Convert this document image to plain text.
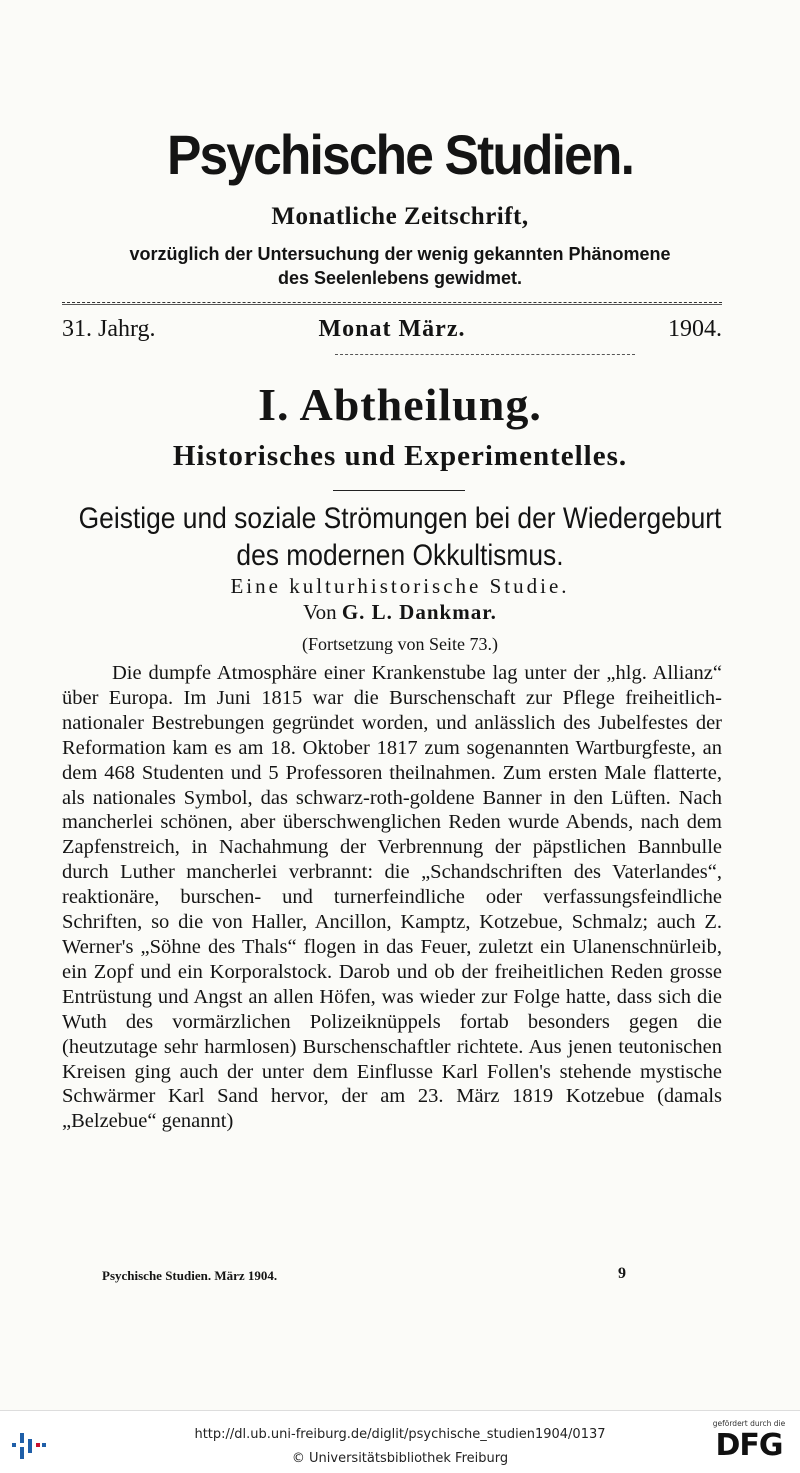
Psychische Studien.
Monatliche Zeitschrift,
vorzüglich der Untersuchung der wenig gekannten Phänomene
des Seelenlebens gewidmet.
31. Jahrg.	Monat März.	1904.
I. Abtheilung.
Historisches und Experimentelles.
Geistige und soziale Strömungen bei der Wiedergeburt
des modernen Okkultismus.
Eine kulturhistorische Studie.
Von G. L. Dankmar.
(Fortsetzung von Seite 73.)

Die dumpfe Atmosphäre einer Krankenstube lag unter der „hlg. Allianz“ über Europa. Im Juni 1815 war die Burschenschaft zur Pflege freiheitlich-nationaler Bestrebungen gegründet worden, und anlässlich des Jubelfestes der Reformation kam es am 18. Oktober 1817 zum sogenannten Wartburgfeste, an dem 468 Studenten und 5 Professoren theilnahmen. Zum ersten Male flatterte, als nationales Symbol, das schwarz-roth-goldene Banner in den Lüften. Nach mancherlei schönen, aber überschwenglichen Reden wurde Abends, nach dem Zapfenstreich, in Nachahmung der Verbrennung der päpstlichen Bannbulle durch Luther mancherlei verbrannt: die „Schandschriften des Vaterlandes“, reaktionäre, burschen- und turnerfeindliche oder verfassungsfeindliche Schriften, so die von Haller, Ancillon, Kamptz, Kotzebue, Schmalz; auch Z. Werner's „Söhne des Thals“ flogen in das Feuer, zuletzt ein Ulanenschnürleib, ein Zopf und ein Korporalstock. Darob und ob der freiheitlichen Reden grosse Entrüstung und Angst an allen Höfen, was wieder zur Folge hatte, dass sich die Wuth des vormärzlichen Polizeiknüppels fortab besonders gegen die (heutzutage sehr harmlosen) Burschenschaftler richtete. Aus jenen teutonischen Kreisen ging auch der unter dem Einflusse Karl Follen's stehende mystische Schwärmer Karl Sand hervor, der am 23. März 1819 Kotzebue (damals „Belzebue“ genannt)

Psychische Studien. März 1904.	9
http://dl.ub.uni-freiburg.de/diglit/psychische_studien1904/0137
© Universitätsbibliothek Freiburg
gefördert durch die
DFG
